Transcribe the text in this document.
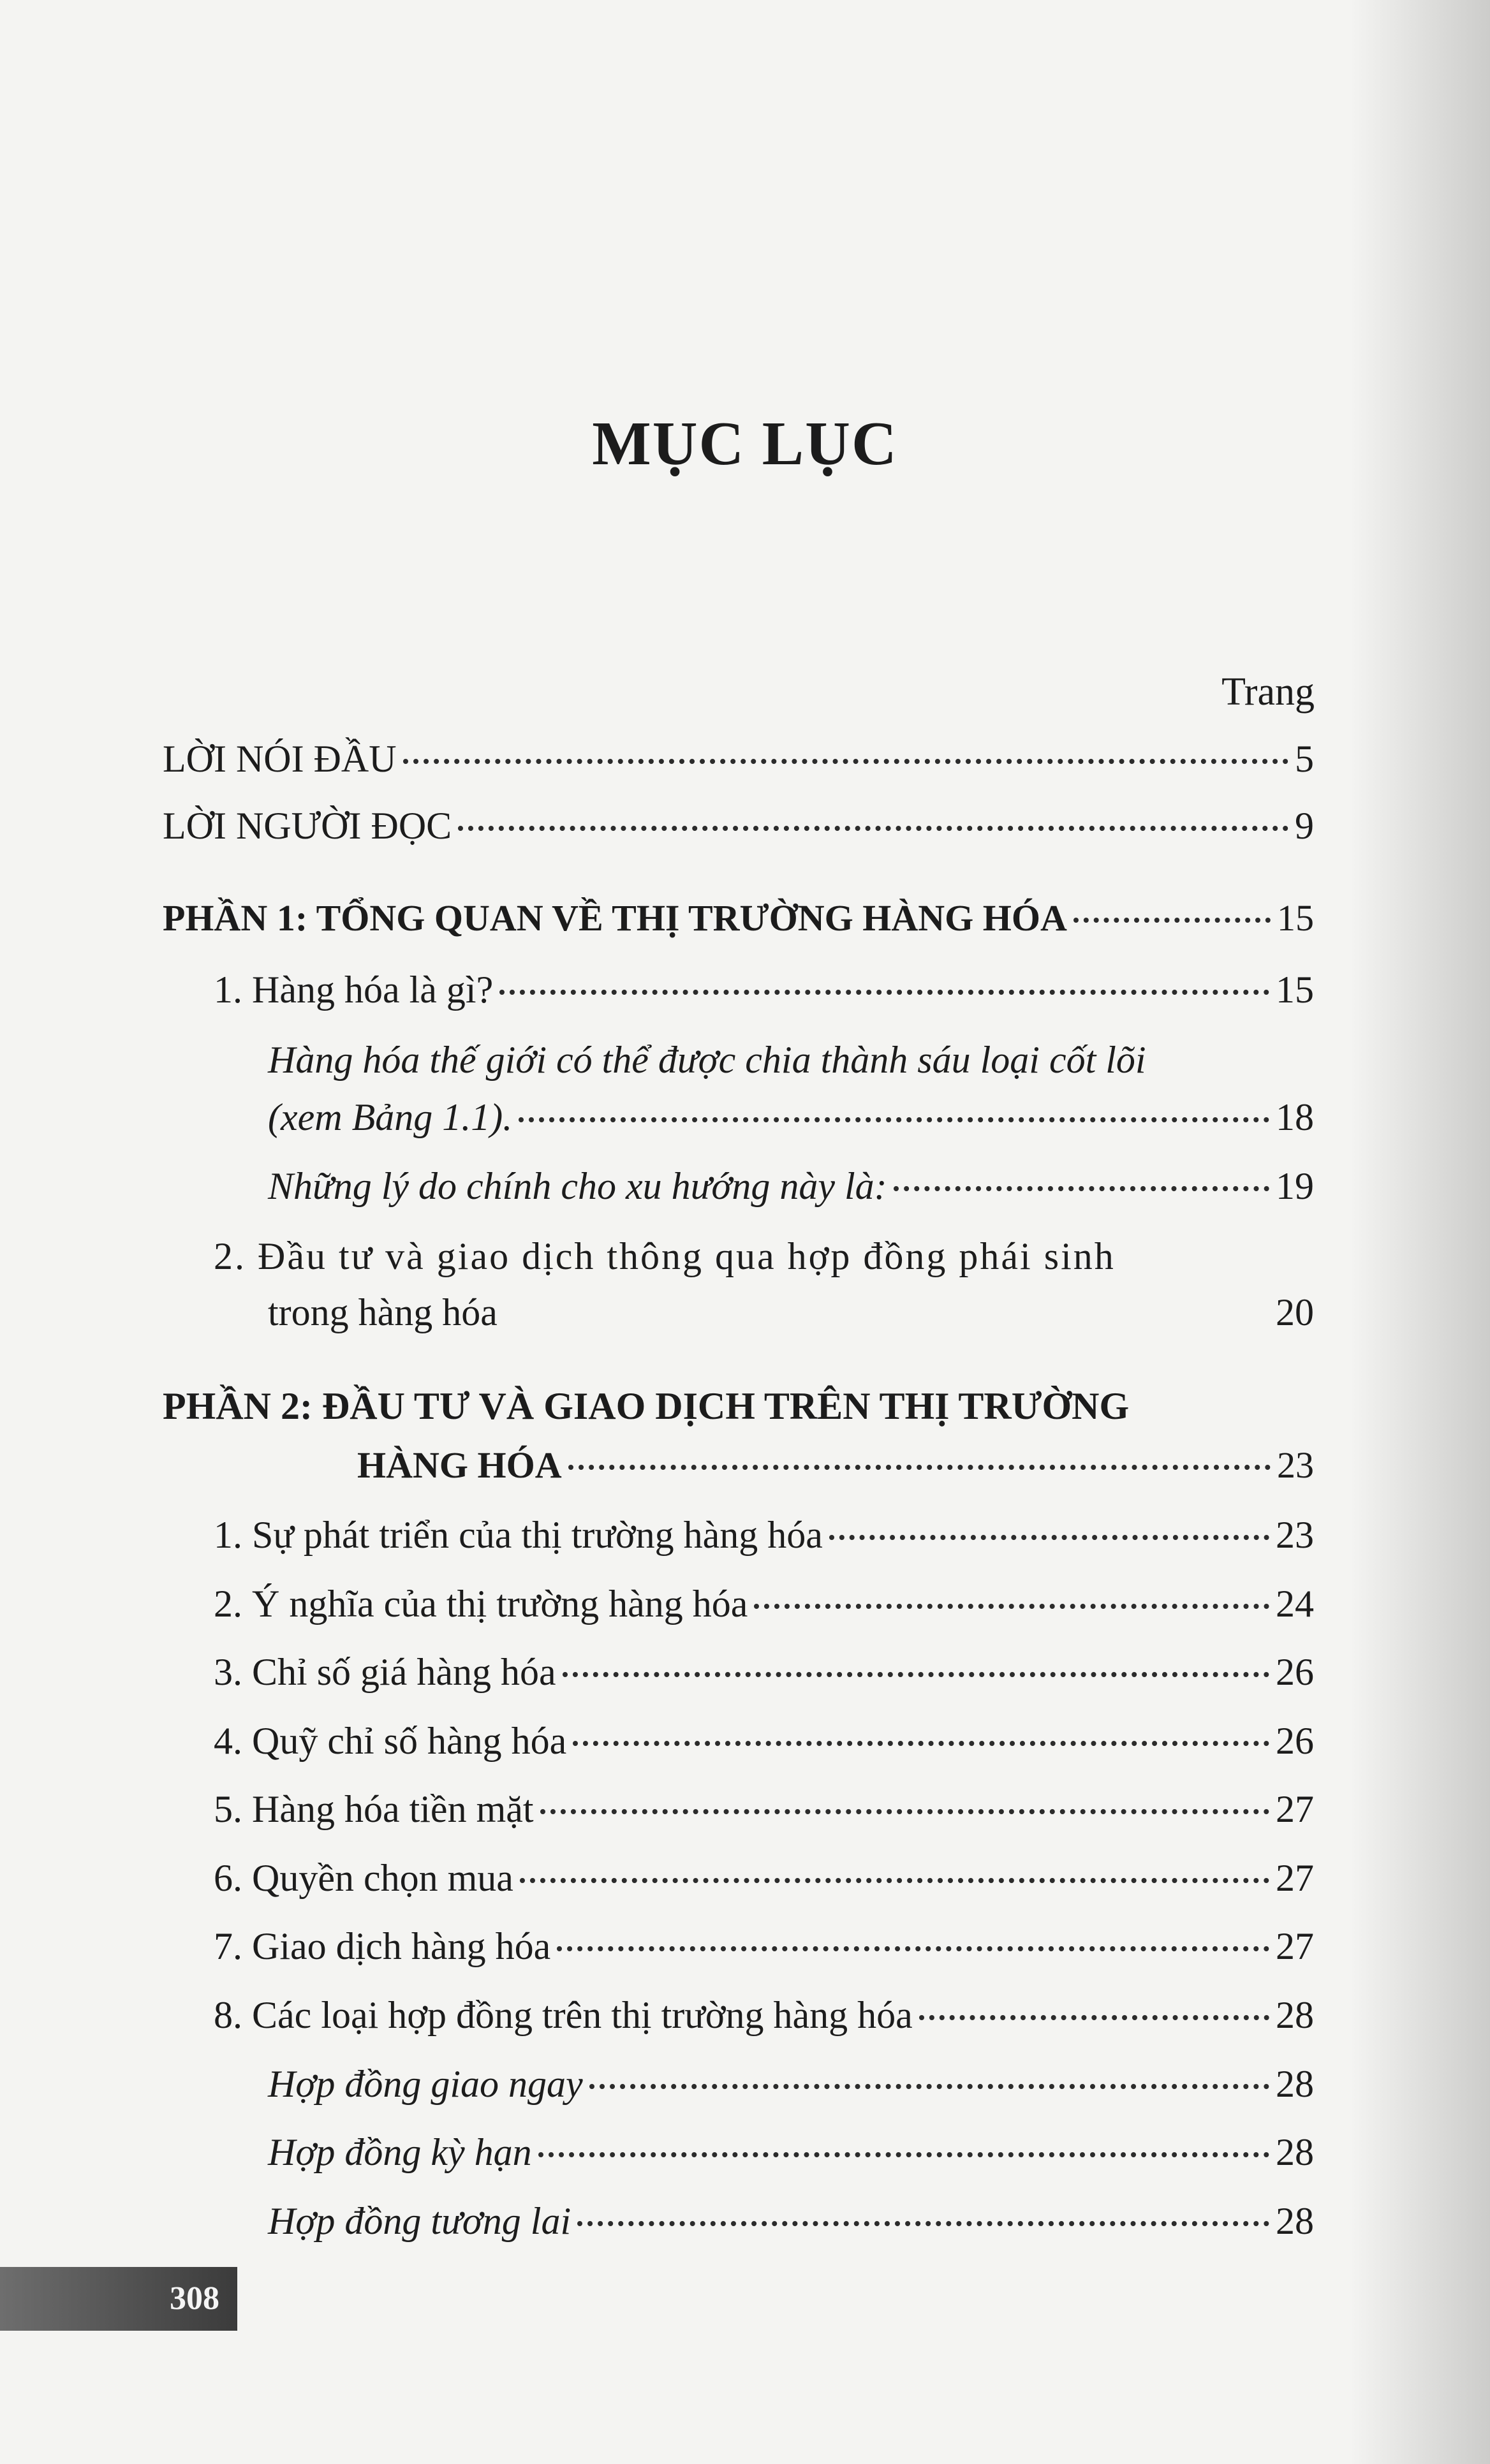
MỤC LỤC
Trang
LỜI NÓI ĐẦU	5
LỜI NGƯỜI ĐỌC	9
PHẦN 1: TỔNG QUAN VỀ THỊ TRƯỜNG HÀNG HÓA	15
1. Hàng hóa là gì?	15
Hàng hóa thế giới có thể được chia thành sáu loại cốt lõi
(xem Bảng 1.1).	18
Những lý do chính cho xu hướng này là:	19
2. Đầu tư và giao dịch thông qua hợp đồng phái sinh
trong hàng hóa	20
PHẦN 2: ĐẦU TƯ VÀ GIAO DỊCH TRÊN THỊ TRƯỜNG
HÀNG HÓA	23
1. Sự phát triển của thị trường hàng hóa	23
2. Ý nghĩa của thị trường hàng hóa	24
3. Chỉ số giá hàng hóa	26
4. Quỹ chỉ số hàng hóa	26
5. Hàng hóa tiền mặt	27
6. Quyền chọn mua	27
7. Giao dịch hàng hóa	27
8. Các loại hợp đồng trên thị trường hàng hóa	28
Hợp đồng giao ngay	28
Hợp đồng kỳ hạn	28
Hợp đồng tương lai	28
308
